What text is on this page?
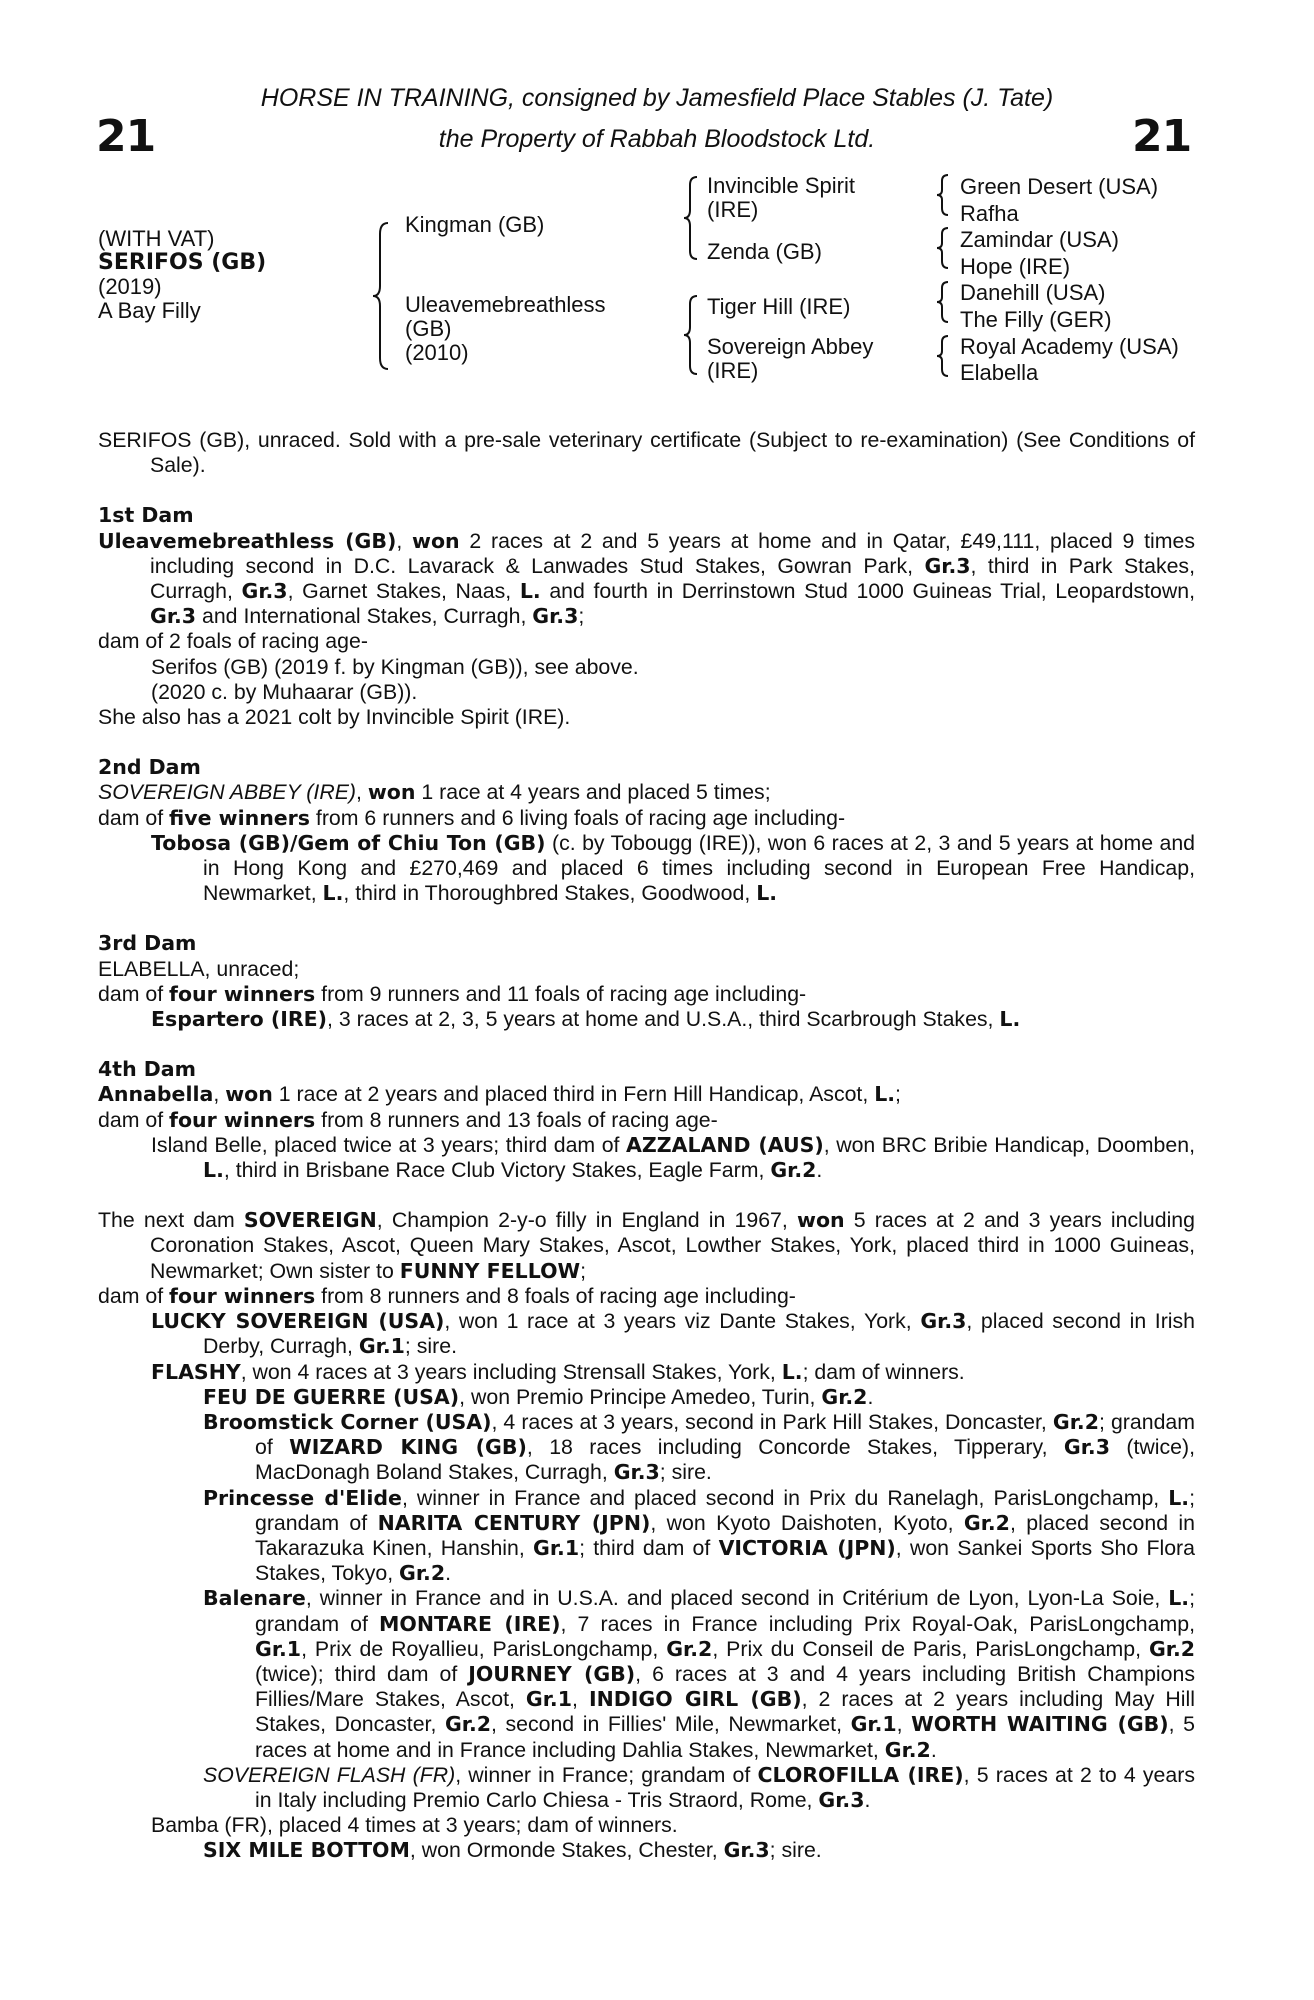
21	21
HORSE IN TRAINING, consigned by Jamesfield Place Stables (J. Tate)
the Property of Rabbah Bloodstock Ltd.
(WITH VAT)
SERIFOS (GB)
(2019)
A Bay Filly
Kingman (GB)
Uleavemebreathless
(GB)
(2010)
Invincible Spirit
(IRE)
Zenda (GB)
Tiger Hill (IRE)
Sovereign Abbey
(IRE)
Green Desert (USA)
Rafha
Zamindar (USA)
Hope (IRE)
Danehill (USA)
The Filly (GER)
Royal Academy (USA)
Elabella

SERIFOS (GB), unraced. Sold with a pre-sale veterinary certificate (Subject to re-examination) (See Conditions of Sale).

1st Dam

Uleavemebreathless (GB), won 2 races at 2 and 5 years at home and in Qatar, £49,111, placed 9 times including second in D.C. Lavarack & Lanwades Stud Stakes, Gowran Park, Gr.3, third in Park Stakes, Curragh, Gr.3, Garnet Stakes, Naas, L. and fourth in Derrinstown Stud 1000 Guineas Trial, Leopardstown, Gr.3 and International Stakes, Curragh, Gr.3;

dam of 2 foals of racing age-

Serifos (GB) (2019 f. by Kingman (GB)), see above.

(2020 c. by Muhaarar (GB)).

She also has a 2021 colt by Invincible Spirit (IRE).

2nd Dam

SOVEREIGN ABBEY (IRE), won 1 race at 4 years and placed 5 times;

dam of five winners from 6 runners and 6 living foals of racing age including-

Tobosa (GB)/Gem of Chiu Ton (GB) (c. by Tobougg (IRE)), won 6 races at 2, 3 and 5 years at home and in Hong Kong and £270,469 and placed 6 times including second in European Free Handicap, Newmarket, L., third in Thoroughbred Stakes, Goodwood, L.

3rd Dam

ELABELLA, unraced;

dam of four winners from 9 runners and 11 foals of racing age including-

Espartero (IRE), 3 races at 2, 3, 5 years at home and U.S.A., third Scarbrough Stakes, L.

4th Dam

Annabella, won 1 race at 2 years and placed third in Fern Hill Handicap, Ascot, L.;

dam of four winners from 8 runners and 13 foals of racing age-

Island Belle, placed twice at 3 years; third dam of AZZALAND (AUS), won BRC Bribie Handicap, Doomben, L., third in Brisbane Race Club Victory Stakes, Eagle Farm, Gr.2.

The next dam SOVEREIGN, Champion 2-y-o filly in England in 1967, won 5 races at 2 and 3 years including Coronation Stakes, Ascot, Queen Mary Stakes, Ascot, Lowther Stakes, York, placed third in 1000 Guineas, Newmarket; Own sister to FUNNY FELLOW;

dam of four winners from 8 runners and 8 foals of racing age including-

LUCKY SOVEREIGN (USA), won 1 race at 3 years viz Dante Stakes, York, Gr.3, placed second in Irish Derby, Curragh, Gr.1; sire.

FLASHY, won 4 races at 3 years including Strensall Stakes, York, L.; dam of winners.

FEU DE GUERRE (USA), won Premio Principe Amedeo, Turin, Gr.2.

Broomstick Corner (USA), 4 races at 3 years, second in Park Hill Stakes, Doncaster, Gr.2; grandam of WIZARD KING (GB), 18 races including Concorde Stakes, Tipperary, Gr.3 (twice), MacDonagh Boland Stakes, Curragh, Gr.3; sire.

Princesse d'Elide, winner in France and placed second in Prix du Ranelagh, ParisLongchamp, L.; grandam of NARITA CENTURY (JPN), won Kyoto Daishoten, Kyoto, Gr.2, placed second in Takarazuka Kinen, Hanshin, Gr.1; third dam of VICTORIA (JPN), won Sankei Sports Sho Flora Stakes, Tokyo, Gr.2.

Balenare, winner in France and in U.S.A. and placed second in Critérium de Lyon, Lyon-La Soie, L.; grandam of MONTARE (IRE), 7 races in France including Prix Royal-Oak, ParisLongchamp, Gr.1, Prix de Royallieu, ParisLongchamp, Gr.2, Prix du Conseil de Paris, ParisLongchamp, Gr.2 (twice); third dam of JOURNEY (GB), 6 races at 3 and 4 years including British Champions Fillies/Mare Stakes, Ascot, Gr.1, INDIGO GIRL (GB), 2 races at 2 years including May Hill Stakes, Doncaster, Gr.2, second in Fillies' Mile, Newmarket, Gr.1, WORTH WAITING (GB), 5 races at home and in France including Dahlia Stakes, Newmarket, Gr.2.

SOVEREIGN FLASH (FR), winner in France; grandam of CLOROFILLA (IRE), 5 races at 2 to 4 years in Italy including Premio Carlo Chiesa - Tris Straord, Rome, Gr.3.

Bamba (FR), placed 4 times at 3 years; dam of winners.

SIX MILE BOTTOM, won Ormonde Stakes, Chester, Gr.3; sire.
